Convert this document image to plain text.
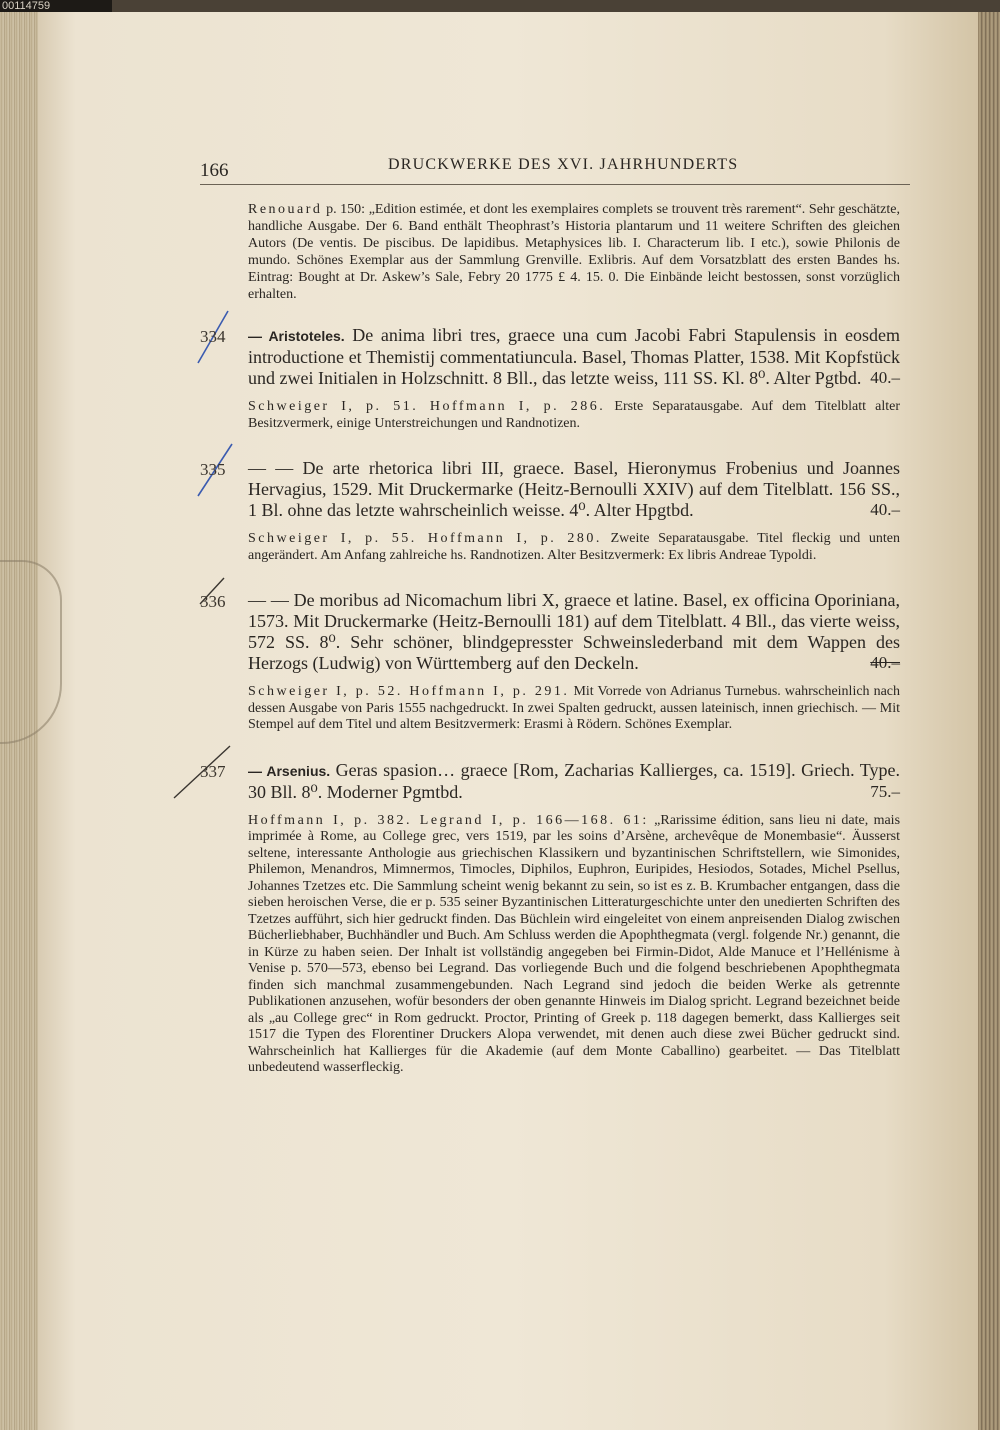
00114759
166	DRUCKWERKE DES XVI. JAHRHUNDERTS
Renouard p. 150: „Edition estimée, et dont les exemplaires complets se trouvent très rarement“. Sehr geschätzte, handliche Ausgabe. Der 6. Band enthält Theophrast’s Historia plantarum und 11 weitere Schriften des gleichen Autors (De ventis. De piscibus. De lapidibus. Metaphysices lib. I. Characterum lib. I etc.), sowie Philonis de mundo. Schönes Exemplar aus der Sammlung Grenville. Exlibris. Auf dem Vorsatzblatt des ersten Bandes hs. Eintrag: Bought at Dr. Askew’s Sale, Febry 20 1775 £ 4. 15. 0. Die Einbände leicht bestossen, sonst vorzüglich erhalten.
334 — Aristoteles. De anima libri tres, graece una cum Jacobi Fabri Stapulensis in eosdem introductione et Themistij commentatiuncula. Basel, Thomas Platter, 1538. Mit Kopfstück und zwei Initialen in Holzschnitt. 8 Bll., das letzte weiss, 111 SS. Kl. 8⁰. Alter Pgtbd. 40.–
Schweiger I, p. 51. Hoffmann I, p. 286. Erste Separatausgabe. Auf dem Titelblatt alter Besitzvermerk, einige Unterstreichungen und Randnotizen.
335 — — De arte rhetorica libri III, graece. Basel, Hieronymus Frobenius und Joannes Hervagius, 1529. Mit Druckermarke (Heitz-Bernoulli XXIV) auf dem Titelblatt. 156 SS., 1 Bl. ohne das letzte wahrscheinlich weisse. 4⁰. Alter Hpgtbd.	40.–
Schweiger I, p. 55. Hoffmann I, p. 280. Zweite Separatausgabe. Titel fleckig und unten angerändert. Am Anfang zahlreiche hs. Randnotizen. Alter Besitzvermerk: Ex libris Andreae Typoldi.
336 — — De moribus ad Nicomachum libri X, graece et latine. Basel, ex officina Oporiniana, 1573. Mit Druckermarke (Heitz-Bernoulli 181) auf dem Titelblatt. 4 Bll., das vierte weiss, 572 SS. 8⁰. Sehr schöner, blindgepresster Schweinslederband mit dem Wappen des Herzogs (Ludwig) von Württemberg auf den Deckeln.	40.–
Schweiger I, p. 52. Hoffmann I, p. 291. Mit Vorrede von Adrianus Turnebus. wahrscheinlich nach dessen Ausgabe von Paris 1555 nachgedruckt. In zwei Spalten gedruckt, aussen lateinisch, innen griechisch. — Mit Stempel auf dem Titel und altem Besitzvermerk: Erasmi à Rödern. Schönes Exemplar.
337 — Arsenius. Geras spasion… graece [Rom, Zacharias Kallierges, ca. 1519]. Griech. Type. 30 Bll. 8⁰. Moderner Pgmtbd.	75.–
Hoffmann I, p. 382. Legrand I, p. 166—168. 61: „Rarissime édition, sans lieu ni date, mais imprimée à Rome, au College grec, vers 1519, par les soins d’Arsène, archevêque de Monembasie“. Äusserst seltene, interessante Anthologie aus griechischen Klassikern und byzantinischen Schriftstellern, wie Simonides, Philemon, Menandros, Mimnermos, Timocles, Diphilos, Euphron, Euripides, Hesiodos, Sotades, Michel Psellus, Johannes Tzetzes etc. Die Sammlung scheint wenig bekannt zu sein, so ist es z. B. Krumbacher entgangen, dass die sieben heroischen Verse, die er p. 535 seiner Byzantinischen Litteraturgeschichte unter den unedierten Schriften des Tzetzes aufführt, sich hier gedruckt finden. Das Büchlein wird eingeleitet von einem anpreisenden Dialog zwischen Bücherliebhaber, Buchhändler und Buch. Am Schluss werden die Apophthegmata (vergl. folgende Nr.) genannt, die in Kürze zu haben seien. Der Inhalt ist vollständig angegeben bei Firmin-Didot, Alde Manuce et l’Hellénisme à Venise p. 570—573, ebenso bei Legrand. Das vorliegende Buch und die folgend beschriebenen Apophthegmata finden sich manchmal zusammengebunden. Nach Legrand sind jedoch die beiden Werke als getrennte Publikationen anzusehen, wofür besonders der oben genannte Hinweis im Dialog spricht. Legrand bezeichnet beide als „au College grec“ in Rom gedruckt. Proctor, Printing of Greek p. 118 dagegen bemerkt, dass Kallierges seit 1517 die Typen des Florentiner Druckers Alopa verwendet, mit denen auch diese zwei Bücher gedruckt sind. Wahrscheinlich hat Kallierges für die Akademie (auf dem Monte Caballino) gearbeitet. — Das Titelblatt unbedeutend wasserfleckig.
